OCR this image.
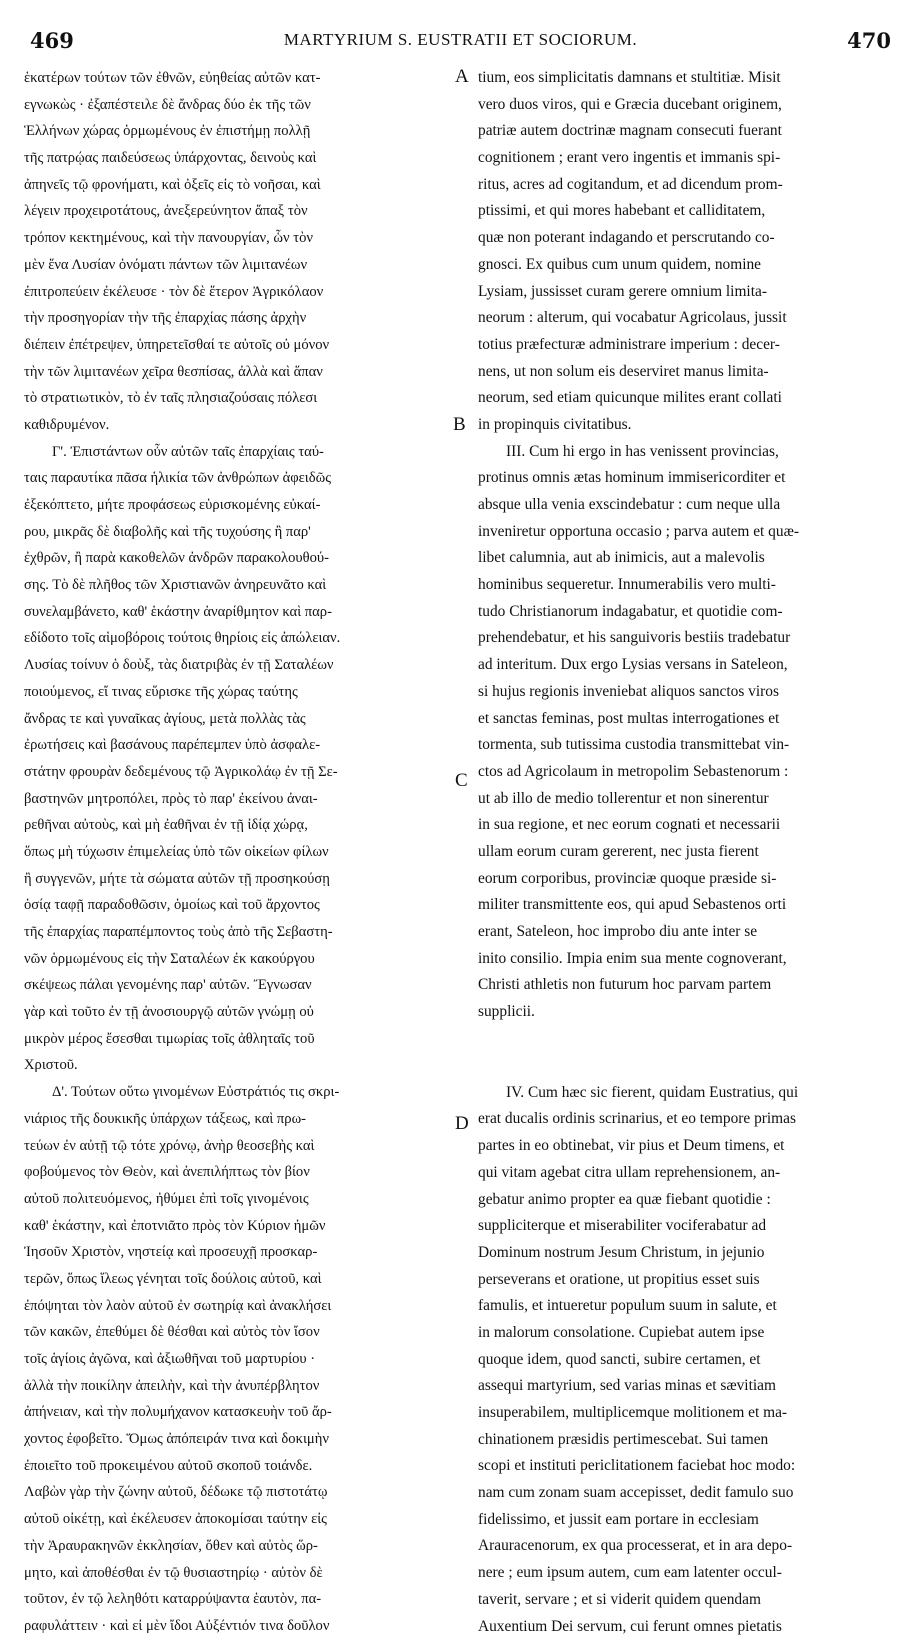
469	MARTYRIUM S. EUSTRATII ET SOCIORUM.	470
A
B
C
D
ἑκατέρων τούτων τῶν ἐθνῶν, εὐηθείας αὐτῶν κατ-
εγνωκὼς · ἐξαπέστειλε δὲ ἄνδρας δύο ἐκ τῆς τῶν
Ἑλλήνων χώρας ὁρμωμένους ἐν ἐπιστήμῃ πολλῇ
τῆς πατρῴας παιδεύσεως ὑπάρχοντας, δεινοὺς καὶ
ἀπηνεῖς τῷ φρονήματι, καὶ ὀξεῖς εἰς τὸ νοῆσαι, καὶ
λέγειν προχειροτάτους, ἀνεξερεύνητον ἅπαξ τὸν
τρόπον κεκτημένους, καὶ τὴν πανουργίαν, ὧν τὸν
μὲν ἕνα Λυσίαν ὀνόματι πάντων τῶν λιμιτανέων
ἐπιτροπεύειν ἐκέλευσε · τὸν δὲ ἕτερον Ἀγρικόλαον
τὴν προσηγορίαν τὴν τῆς ἐπαρχίας πάσης ἀρχὴν
διέπειν ἐπέτρεψεν, ὑπηρετεῖσθαί τε αὐτοῖς οὐ μόνον
τὴν τῶν λιμιτανέων χεῖρα θεσπίσας, ἀλλὰ καὶ ἅπαν
τὸ στρατιωτικὸν, τὸ ἐν ταῖς πλησιαζούσαις πόλεσι
καθιδρυμένον.
Γ'. Ἐπιστάντων οὖν αὐτῶν ταῖς ἐπαρχίαις ταύ-
ταις παραυτίκα πᾶσα ἡλικία τῶν ἀνθρώπων ἀφειδῶς
ἐξεκόπτετο, μήτε προφάσεως εὑρισκομένης εὐκαί-
ρου, μικρᾶς δὲ διαβολῆς καὶ τῆς τυχούσης ἢ παρ'
ἐχθρῶν, ἢ παρὰ κακοθελῶν ἀνδρῶν παρακολουθού-
σης. Τὸ δὲ πλῆθος τῶν Χριστιανῶν ἀνηρευνᾶτο καὶ
συνελαμβάνετο, καθ' ἑκάστην ἀναρίθμητον καὶ παρ-
εδίδοτο τοῖς αἱμοβόροις τούτοις θηρίοις εἰς ἀπώλειαν.
Λυσίας τοίνυν ὁ δοὺξ, τὰς διατριβὰς ἐν τῇ Σαταλέων
ποιούμενος, εἴ τινας εὕρισκε τῆς χώρας ταύτης
ἄνδρας τε καὶ γυναῖκας ἁγίους, μετὰ πολλὰς τὰς
ἐρωτήσεις καὶ βασάνους παρέπεμπεν ὑπὸ ἀσφαλε-
στάτην φρουρὰν δεδεμένους τῷ Ἀγρικολάῳ ἐν τῇ Σε-
βαστηνῶν μητροπόλει, πρὸς τὸ παρ' ἐκείνου ἀναι-
ρεθῆναι αὐτοὺς, καὶ μὴ ἐαθῆναι ἐν τῇ ἰδίᾳ χώρᾳ,
ὅπως μὴ τύχωσιν ἐπιμελείας ὑπὸ τῶν οἰκείων φίλων
ἢ συγγενῶν, μήτε τὰ σώματα αὐτῶν τῇ προσηκούσῃ
ὁσίᾳ ταφῇ παραδοθῶσιν, ὁμοίως καὶ τοῦ ἄρχοντος
τῆς ἐπαρχίας παραπέμποντος τοὺς ἀπὸ τῆς Σεβαστη-
νῶν ὁρμωμένους εἰς τὴν Σαταλέων ἐκ κακούργου
σκέψεως πάλαι γενομένης παρ' αὐτῶν. Ἔγνωσαν
γὰρ καὶ τοῦτο ἐν τῇ ἀνοσιουργῷ αὐτῶν γνώμῃ οὐ
μικρὸν μέρος ἔσεσθαι τιμωρίας τοῖς ἀθληταῖς τοῦ
Χριστοῦ.
Δ'. Τούτων οὕτω γινομένων Εὐστράτιός τις σκρι-
νιάριος τῆς δουκικῆς ὑπάρχων τάξεως, καὶ πρω-
τεύων ἐν αὐτῇ τῷ τότε χρόνῳ, ἀνὴρ θεοσεβὴς καὶ
φοβούμενος τὸν Θεὸν, καὶ ἀνεπιλήπτως τὸν βίον
αὐτοῦ πολιτευόμενος, ἠθύμει ἐπὶ τοῖς γινομένοις
καθ' ἑκάστην, καὶ ἐποτνιᾶτο πρὸς τὸν Κύριον ἡμῶν
Ἰησοῦν Χριστὸν, νηστείᾳ καὶ προσευχῇ προσκαρ-
τερῶν, ὅπως ἵλεως γένηται τοῖς δούλοις αὐτοῦ, καὶ
ἐπόψηται τὸν λαὸν αὐτοῦ ἐν σωτηρίᾳ καὶ ἀνακλήσει
τῶν κακῶν, ἐπεθύμει δὲ θέσθαι καὶ αὐτὸς τὸν ἴσον
τοῖς ἁγίοις ἀγῶνα, καὶ ἀξιωθῆναι τοῦ μαρτυρίου ·
ἀλλὰ τὴν ποικίλην ἀπειλὴν, καὶ τὴν ἀνυπέρβλητον
ἀπήνειαν, καὶ τὴν πολυμήχανον κατασκευὴν τοῦ ἄρ-
χοντος ἐφοβεῖτο. Ὅμως ἀπόπειράν τινα καὶ δοκιμὴν
ἐποιεῖτο τοῦ προκειμένου αὐτοῦ σκοποῦ τοιάνδε.
Λαβὼν γὰρ τὴν ζώνην αὐτοῦ, δέδωκε τῷ πιστοτάτῳ
αὐτοῦ οἰκέτῃ, καὶ ἐκέλευσεν ἀποκομίσαι ταύτην εἰς
τὴν Ἀραυρακηνῶν ἐκκλησίαν, ὅθεν καὶ αὐτὸς ὥρ-
μητο, καὶ ἀποθέσθαι ἐν τῷ θυσιαστηρίῳ · αὐτὸν δὲ
τοῦτον, ἐν τῷ λεληθότι καταρρύψαντα ἑαυτὸν, πα-
ραφυλάττειν · καὶ εἰ μὲν ἴδοι Αὐξέντιόν τινα δοῦλον
tium, eos simplicitatis damnans et stultitiæ. Misit
vero duos viros, qui e Græcia ducebant originem,
patriæ autem doctrinæ magnam consecuti fuerant
cognitionem ; erant vero ingentis et immanis spi-
ritus, acres ad cogitandum, et ad dicendum prom-
ptissimi, et qui mores habebant et calliditatem,
quæ non poterant indagando et perscrutando co-
gnosci. Ex quibus cum unum quidem, nomine
Lysiam, jussisset curam gerere omnium limita-
neorum : alterum, qui vocabatur Agricolaus, jussit
totius præfecturæ administrare imperium : decer-
nens, ut non solum eis deserviret manus limita-
neorum, sed etiam quicunque milites erant collati
in propinquis civitatibus.
III. Cum hi ergo in has venissent provincias,
protinus omnis ætas hominum immisericorditer et
absque ulla venia exscindebatur : cum neque ulla
inveniretur opportuna occasio ; parva autem et quæ-
libet calumnia, aut ab inimicis, aut a malevolis
hominibus sequeretur. Innumerabilis vero multi-
tudo Christianorum indagabatur, et quotidie com-
prehendebatur, et his sanguivoris bestiis tradebatur
ad interitum. Dux ergo Lysias versans in Sateleon,
si hujus regionis inveniebat aliquos sanctos viros
et sanctas feminas, post multas interrogationes et
tormenta, sub tutissima custodia transmittebat vin-
ctos ad Agricolaum in metropolim Sebastenorum :
ut ab illo de medio tollerentur et non sinerentur
in sua regione, et nec eorum cognati et necessarii
ullam eorum curam gererent, nec justa fierent
eorum corporibus, provinciæ quoque præside si-
militer transmittente eos, qui apud Sebastenos orti
erant, Sateleon, hoc improbo diu ante inter se
inito consilio. Impia enim sua mente cognoverant,
Christi athletis non futurum hoc parvam partem
supplicii.
IV. Cum hæc sic fierent, quidam Eustratius, qui
erat ducalis ordinis scrinarius, et eo tempore primas
partes in eo obtinebat, vir pius et Deum timens, et
qui vitam agebat citra ullam reprehensionem, an-
gebatur animo propter ea quæ fiebant quotidie :
suppliciterque et miserabiliter vociferabatur ad
Dominum nostrum Jesum Christum, in jejunio
perseverans et oratione, ut propitius esset suis
famulis, et intueretur populum suum in salute, et
in malorum consolatione. Cupiebat autem ipse
quoque idem, quod sancti, subire certamen, et
assequi martyrium, sed varias minas et sævitiam
insuperabilem, multiplicemque molitionem et ma-
chinationem præsidis pertimescebat. Sui tamen
scopi et instituti periclitationem faciebat hoc modo:
nam cum zonam suam accepisset, dedit famulo suo
fidelissimo, et jussit eam portare in ecclesiam
Arauracenorum, ex qua processerat, et in ara depo-
nere ; eum ipsum autem, cum eam latenter occul-
taverit, servare ; et si viderit quidem quendam
Auxentium Dei servum, cui ferunt omnes pietatis
